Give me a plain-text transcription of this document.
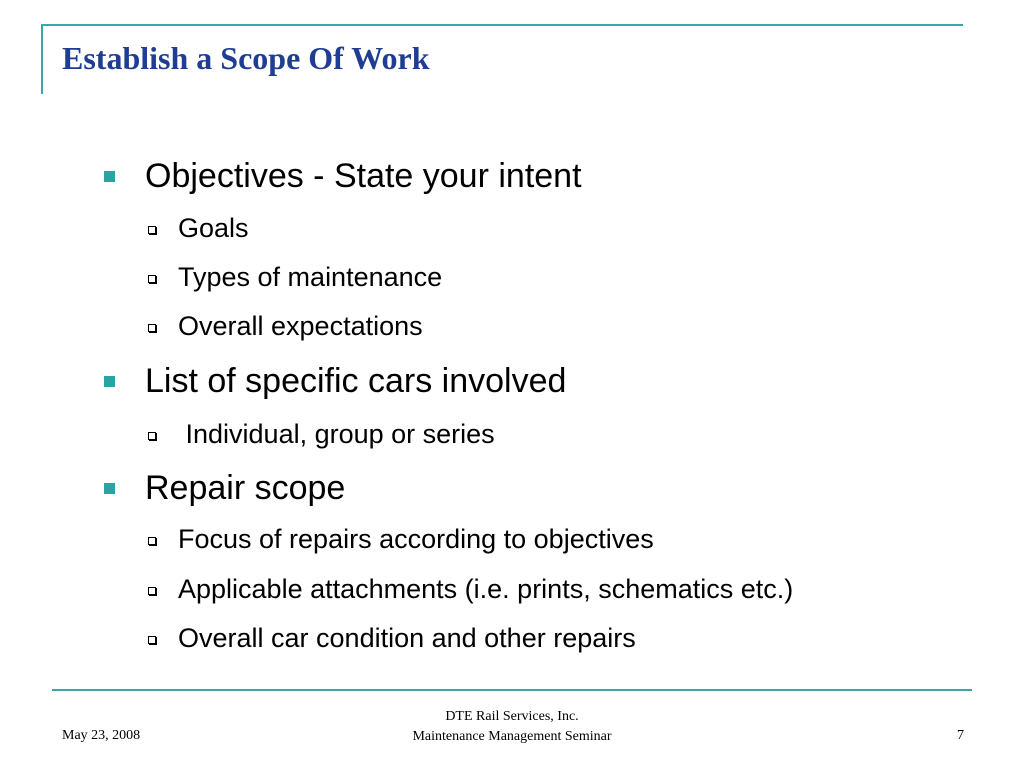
Establish a Scope Of Work
Objectives - State your intent
Goals
Types of maintenance
Overall expectations
List of specific cars involved
Individual, group or series
Repair scope
Focus of repairs according to objectives
Applicable attachments (i.e. prints, schematics etc.)
Overall car condition and other repairs
May 23, 2008
DTE Rail Services, Inc.
Maintenance Management Seminar	7
